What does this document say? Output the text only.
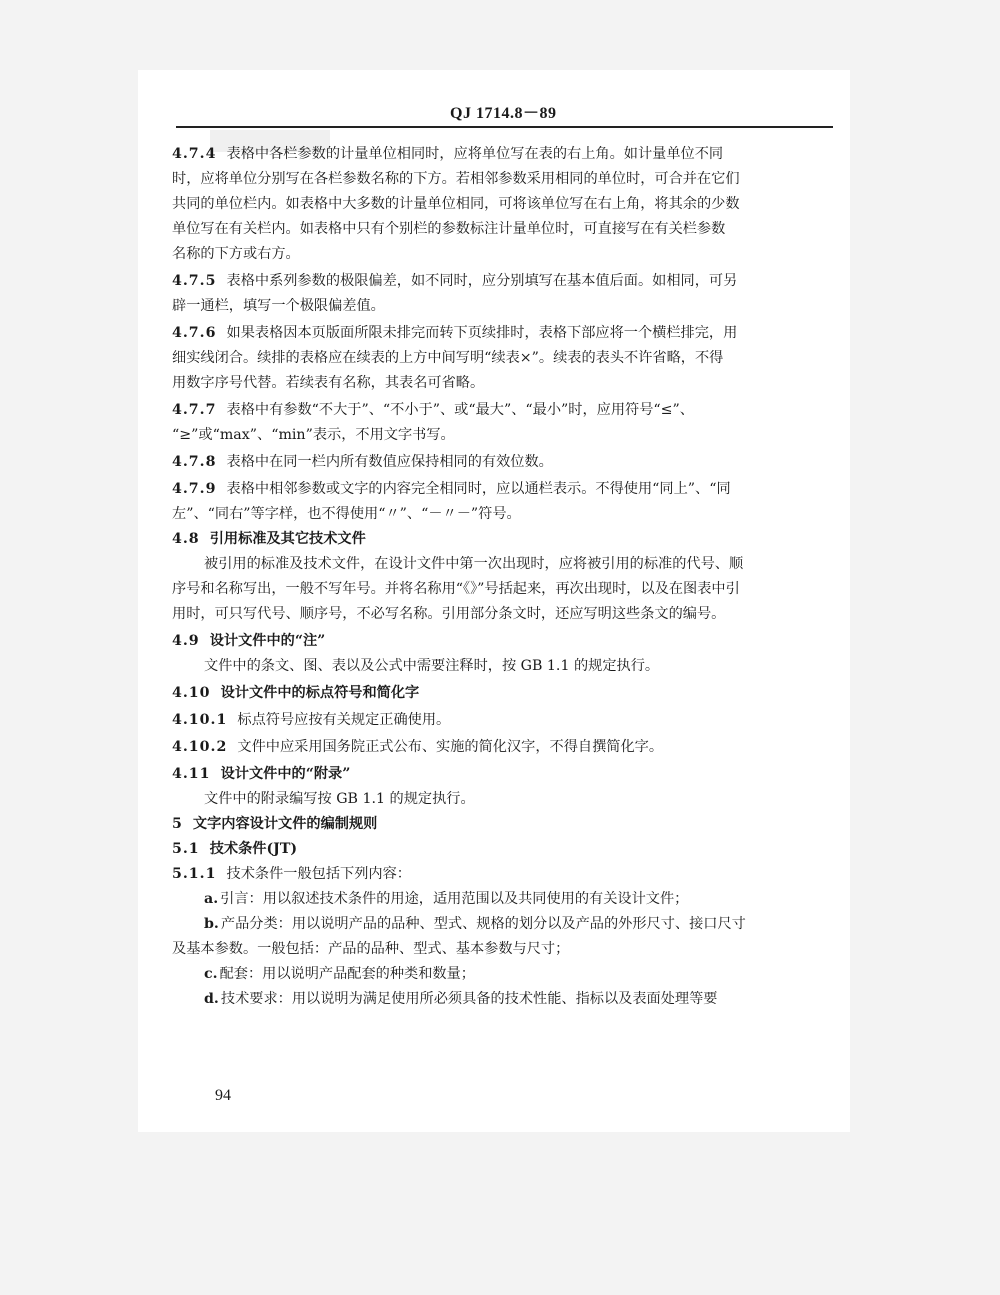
QJ 1714.8－89

4.7.4 表格中各栏参数的计量单位相同时，应将单位写在表的右上角。如计量单位不同

时，应将单位分别写在各栏参数名称的下方。若相邻参数采用相同的单位时，可合并在它们

共同的单位栏内。如表格中大多数的计量单位相同，可将该单位写在右上角，将其余的少数

单位写在有关栏内。如表格中只有个别栏的参数标注计量单位时，可直接写在有关栏参数

名称的下方或右方。

4.7.5 表格中系列参数的极限偏差，如不同时，应分别填写在基本值后面。如相同，可另

辟一通栏，填写一个极限偏差值。

4.7.6 如果表格因本页版面所限未排完而转下页续排时，表格下部应将一个横栏排完，用

细实线闭合。续排的表格应在续表的上方中间写明“续表×”。续表的表头不许省略，不得

用数字序号代替。若续表有名称，其表名可省略。

4.7.7 表格中有参数“不大于”、“不小于”、或“最大”、“最小”时，应用符号“≤”、

“≥”或“max”、“min”表示，不用文字书写。

4.7.8 表格中在同一栏内所有数值应保持相同的有效位数。

4.7.9 表格中相邻参数或文字的内容完全相同时，应以通栏表示。不得使用“同上”、“同

左”、“同右”等字样，也不得使用“〃”、“－〃－”符号。

4.8 引用标准及其它技术文件

被引用的标准及技术文件，在设计文件中第一次出现时，应将被引用的标准的代号、顺

序号和名称写出，一般不写年号。并将名称用“《》”号括起来，再次出现时，以及在图表中引

用时，可只写代号、顺序号，不必写名称。引用部分条文时，还应写明这些条文的编号。

4.9 设计文件中的“注”

文件中的条文、图、表以及公式中需要注释时，按 GB 1.1 的规定执行。

4.10 设计文件中的标点符号和简化字

4.10.1 标点符号应按有关规定正确使用。

4.10.2 文件中应采用国务院正式公布、实施的简化汉字，不得自撰简化字。

4.11 设计文件中的“附录”

文件中的附录编写按 GB 1.1 的规定执行。

5 文字内容设计文件的编制规则

5.1 技术条件(JT)

5.1.1 技术条件一般包括下列内容：

a. 引言：用以叙述技术条件的用途，适用范围以及共同使用的有关设计文件；

b. 产品分类：用以说明产品的品种、型式、规格的划分以及产品的外形尺寸、接口尺寸

及基本参数。一般包括：产品的品种、型式、基本参数与尺寸；

c. 配套：用以说明产品配套的种类和数量；

d. 技术要求：用以说明为满足使用所必须具备的技术性能、指标以及表面处理等要

94
